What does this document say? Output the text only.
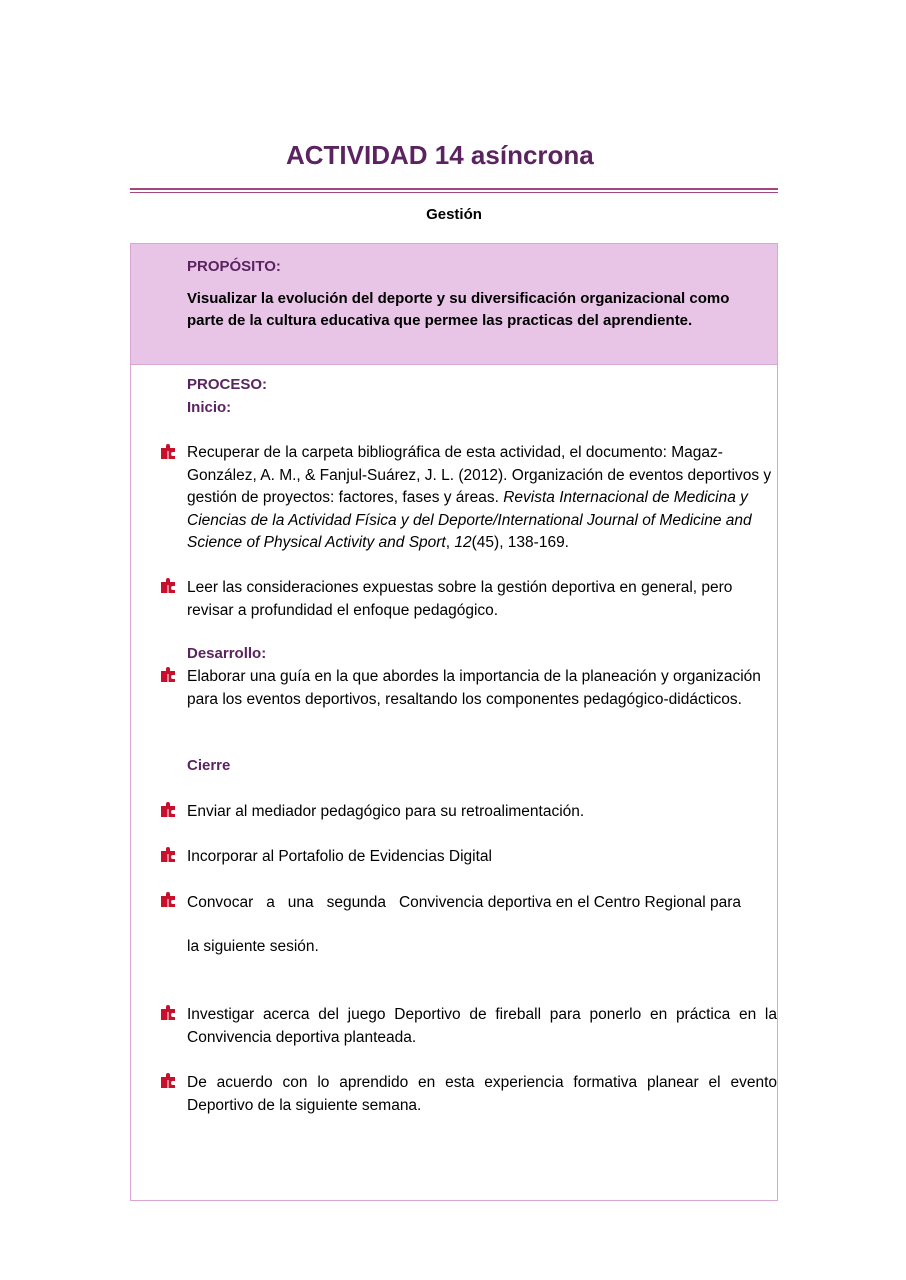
ACTIVIDAD 14 asíncrona
Gestión
PROPÓSITO:
Visualizar la evolución del deporte y su diversificación organizacional como parte de la cultura educativa que permee las practicas del aprendiente.
PROCESO:
Inicio:
Recuperar de la carpeta bibliográfica de esta actividad, el documento: Magaz-González, A. M., & Fanjul-Suárez, J. L. (2012). Organización de eventos deportivos y gestión de proyectos: factores, fases y áreas. Revista Internacional de Medicina y Ciencias de la Actividad Física y del Deporte/International Journal of Medicine and Science of Physical Activity and Sport, 12(45), 138-169.
Leer las consideraciones expuestas sobre la gestión deportiva en general, pero revisar a profundidad el enfoque pedagógico.
Desarrollo:
Elaborar una guía en la que abordes la importancia de la planeación y organización para los eventos deportivos, resaltando los componentes pedagógico-didácticos.
Cierre
Enviar al mediador pedagógico para su retroalimentación.
Incorporar al Portafolio de Evidencias Digital
Convocar   a   una   segunda   Convivencia deportiva en el Centro Regional para
la siguiente sesión.
Investigar acerca del juego Deportivo de fireball para ponerlo en práctica en la Convivencia deportiva planteada.
De acuerdo con lo aprendido en esta experiencia formativa planear el evento Deportivo de la siguiente semana.
